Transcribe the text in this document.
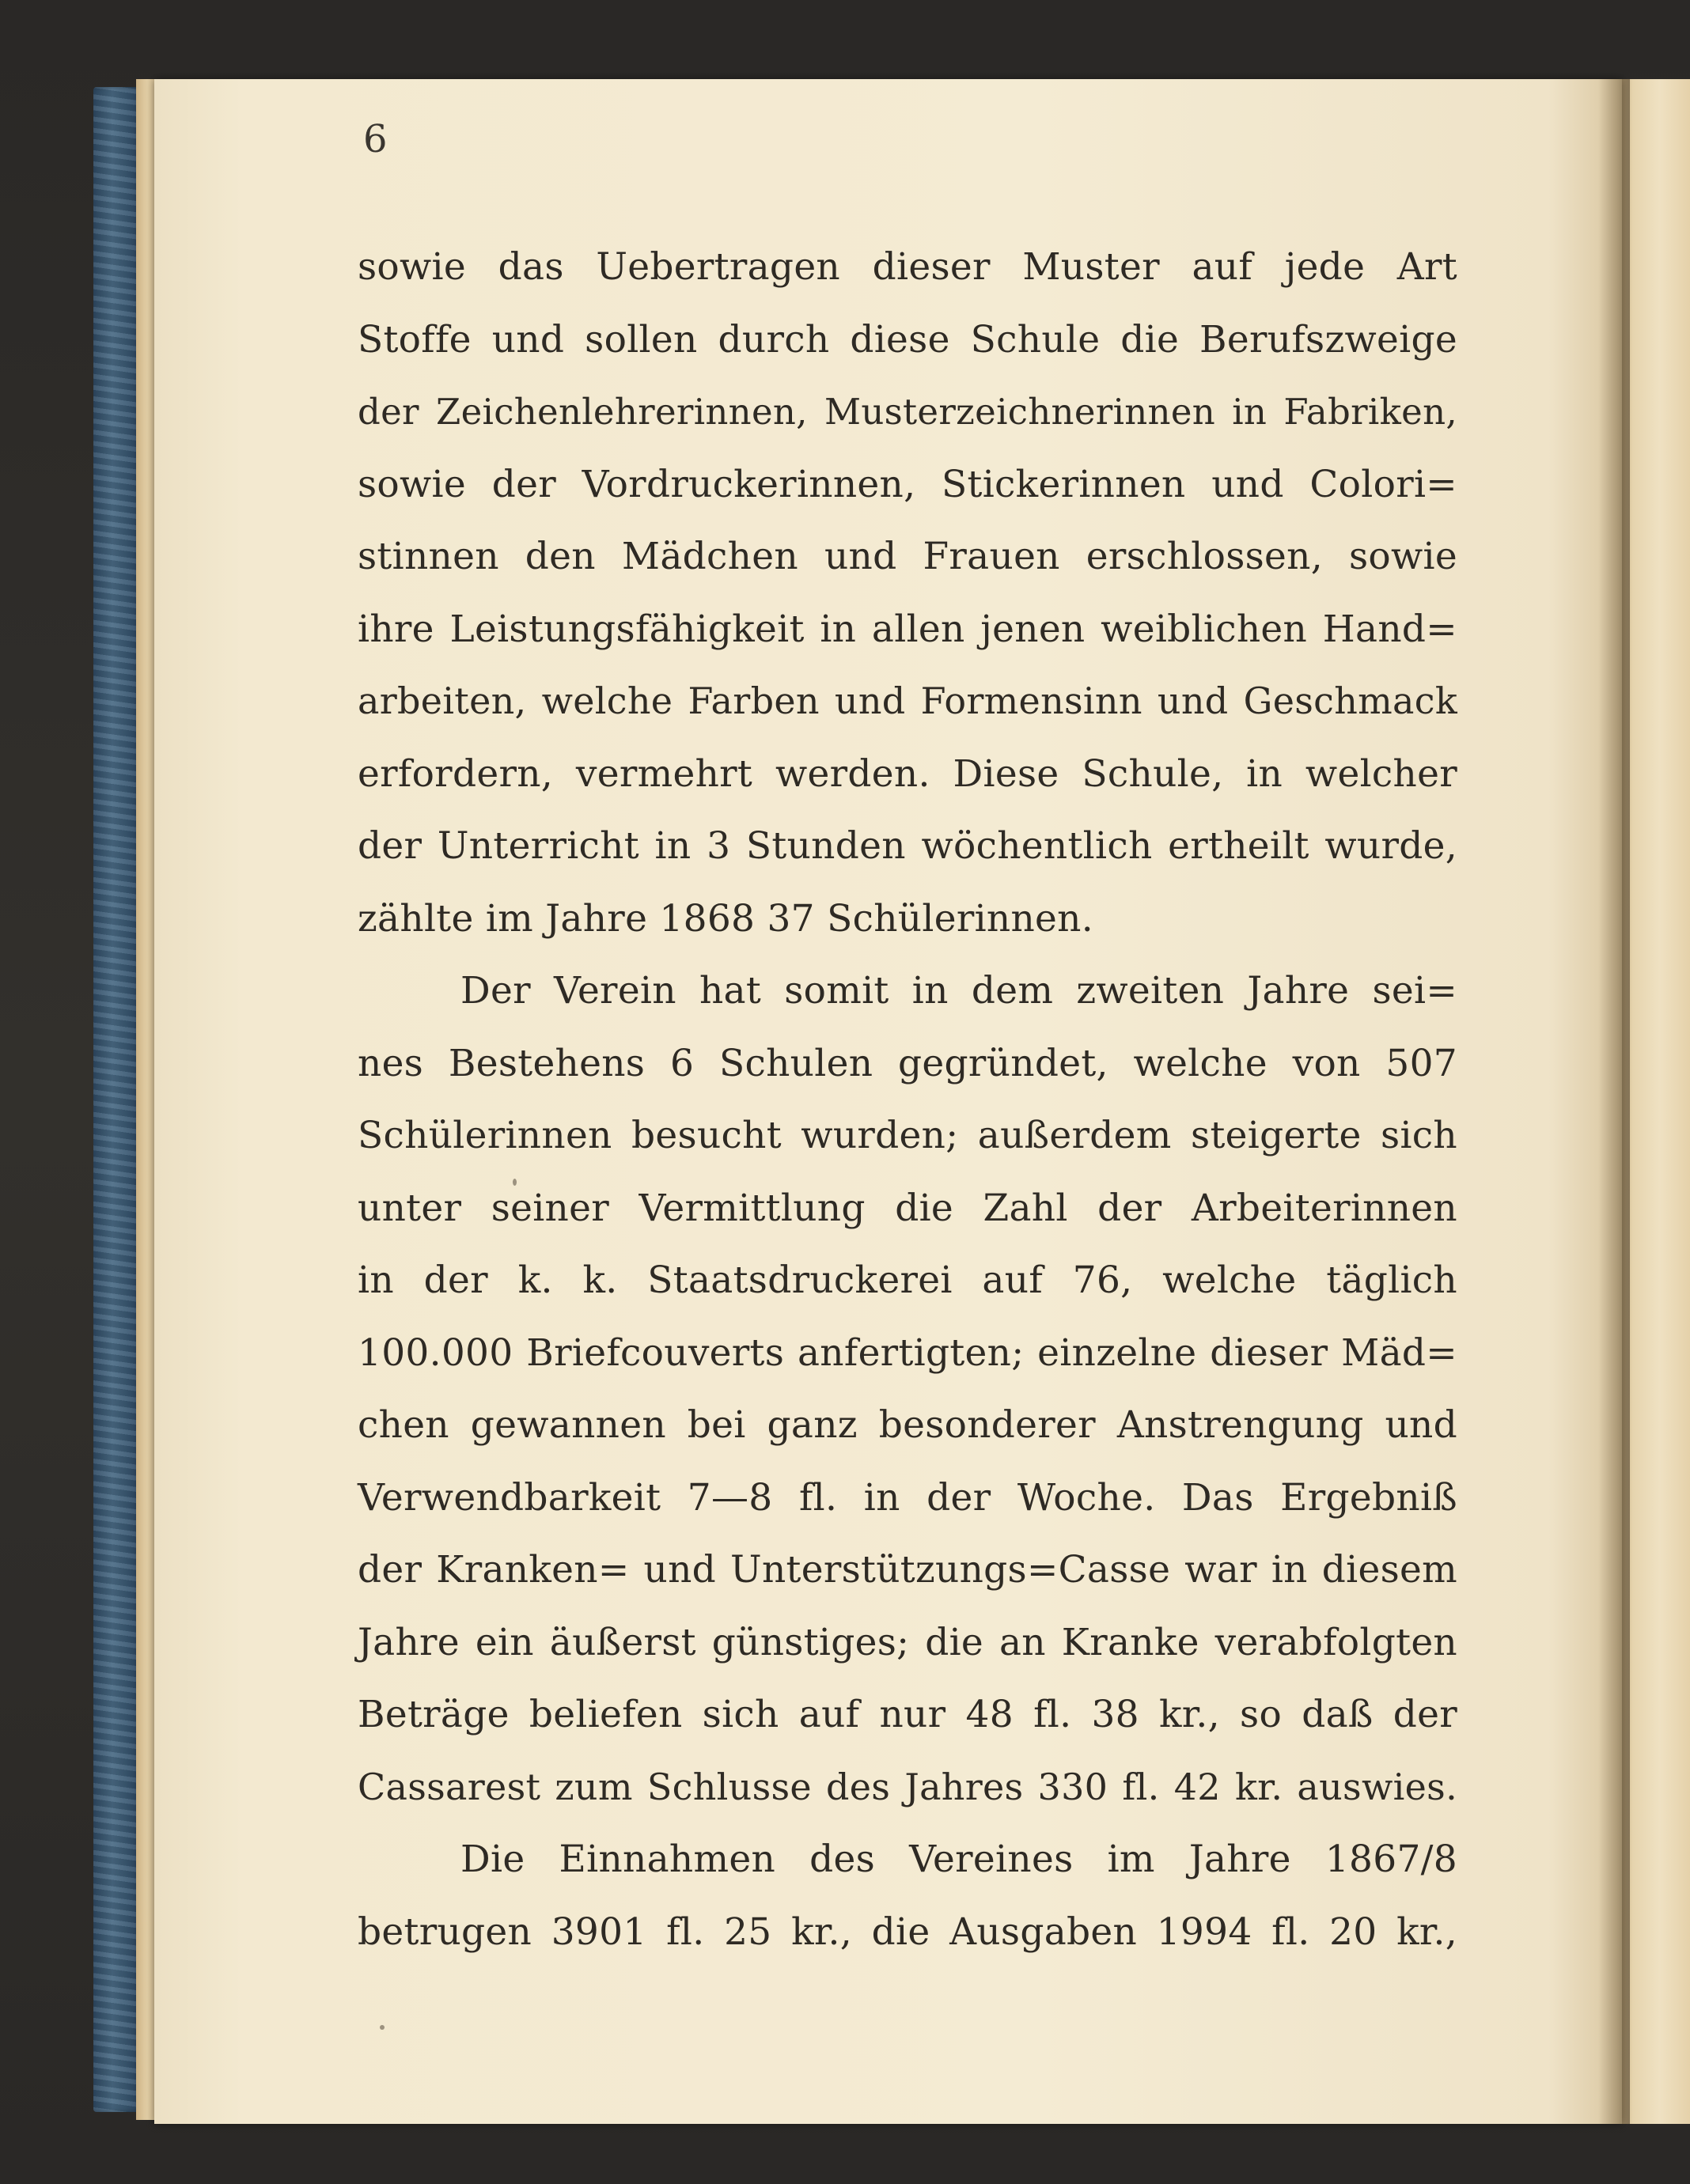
6
sowie das Uebertragen dieser Muster auf jede Art
Stoffe und sollen durch diese Schule die Berufszweige
der Zeichenlehrerinnen, Musterzeichnerinnen in Fabriken,
sowie der Vordruckerinnen, Stickerinnen und Colori=
stinnen den Mädchen und Frauen erschlossen, sowie
ihre Leistungsfähigkeit in allen jenen weiblichen Hand=
arbeiten, welche Farben und Formensinn und Geschmack
erfordern, vermehrt werden. Diese Schule, in welcher
der Unterricht in 3 Stunden wöchentlich ertheilt wurde,
zählte im Jahre 1868 37 Schülerinnen.
Der Verein hat somit in dem zweiten Jahre sei=
nes Bestehens 6 Schulen gegründet, welche von 507
Schülerinnen besucht wurden; außerdem steigerte sich
unter seiner Vermittlung die Zahl der Arbeiterinnen
in der k. k. Staatsdruckerei auf 76, welche täglich
100.000 Briefcouverts anfertigten; einzelne dieser Mäd=
chen gewannen bei ganz besonderer Anstrengung und
Verwendbarkeit 7—8 fl. in der Woche. Das Ergebniß
der Kranken= und Unterstützungs=Casse war in diesem
Jahre ein äußerst günstiges; die an Kranke verabfolgten
Beträge beliefen sich auf nur 48 fl. 38 kr., so daß der
Cassarest zum Schlusse des Jahres 330 fl. 42 kr. auswies.
Die Einnahmen des Vereines im Jahre 1867/8
betrugen 3901 fl. 25 kr., die Ausgaben 1994 fl. 20 kr.,
